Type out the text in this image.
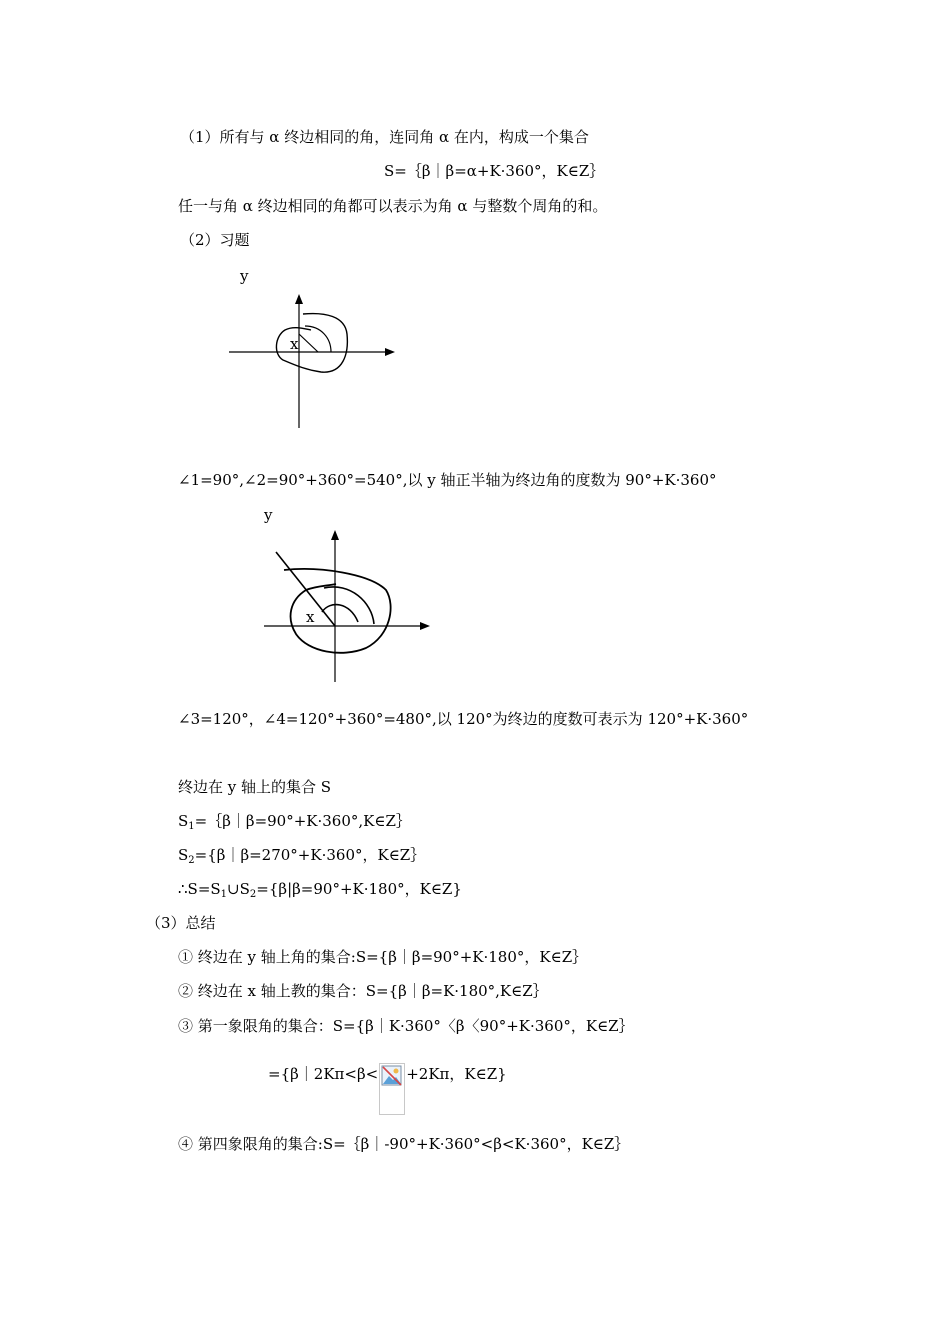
（1）所有与 α 终边相同的角，连同角 α 在内，构成一个集合
S=｛β｜β=α+K·360°，K∈Z｝
任一与角 α 终边相同的角都可以表示为角 α 与整数个周角的和。
（2）习题
y
x
∠1=90°,∠2=90°+360°=540°,以 y 轴正半轴为终边角的度数为 90°+K·360°
y
x
∠3=120°，∠4=120°+360°=480°,以 120°为终边的度数可表示为 120°+K·360°
终边在 y 轴上的集合 S
$S_1=\{\beta|\beta=90^\circ+K\cdot 360^\circ,K\in Z\}$
$S_2=\{\beta|\beta=270^\circ+K\cdot 360^\circ$，K∈Z｝
$\therefore S=S_1\cup S_2=\{\beta|\beta=90^\circ+K\cdot 180^\circ$，K∈Z}
（3）总结
① 终边在 y 轴上角的集合:S={β｜β=90°+K·180°，K∈Z｝
② 终边在 x 轴上教的集合：S={β｜β=K·180°,K∈Z｝
③ 第一象限角的集合：S={β｜K·360°〈β〈90°+K·360°，K∈Z｝
={β｜2Kπ<β< +2Kπ，K∈Z}
④ 第四象限角的集合:S=｛β｜-90°+K·360°<β<K·360°，K∈Z｝
